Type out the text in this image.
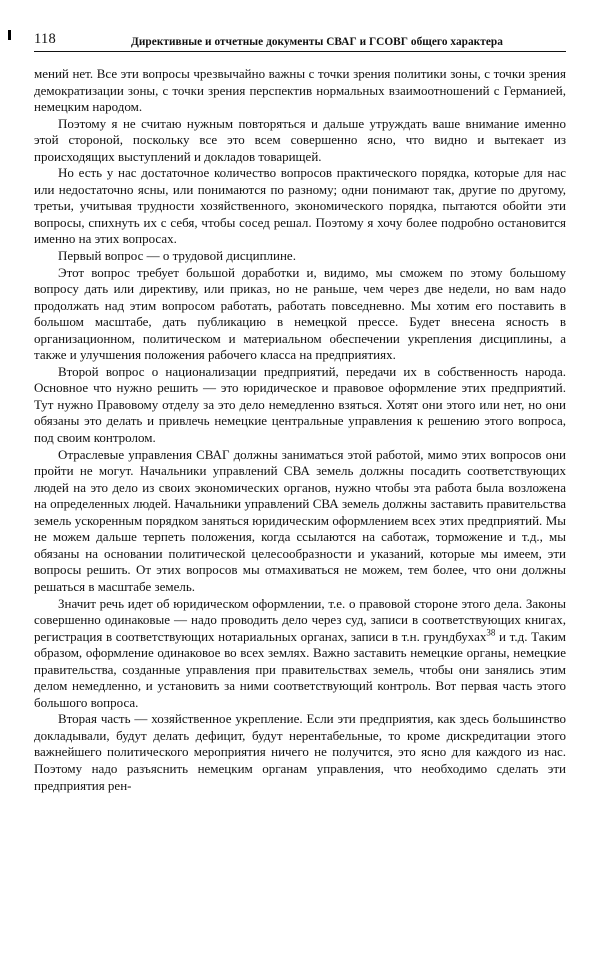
118	Директивные и отчетные документы СВАГ и ГСОВГ общего характера

мений нет. Все эти вопросы чрезвычайно важны с точки зрения политики зоны, с точки зрения демократизации зоны, с точки зрения перспектив нормальных взаимоотношений с Германией, немецким народом.

Поэтому я не считаю нужным повторяться и дальше утруждать ваше внимание именно этой стороной, поскольку все это всем совершенно ясно, что видно и вытекает из происходящих выступлений и докладов товарищей.

Но есть у нас достаточное количество вопросов практического порядка, которые для нас или недостаточно ясны, или понимаются по разному; одни понимают так, другие по другому, третьи, учитывая трудности хозяйственного, экономического порядка, пытаются обойти эти вопросы, спихнуть их с себя, чтобы сосед решал. Поэтому я хочу более подробно остановится именно на этих вопросах.

Первый вопрос — о трудовой дисциплине.

Этот вопрос требует большой доработки и, видимо, мы сможем по этому большому вопросу дать или директиву, или приказ, но не раньше, чем через две недели, но вам надо продолжать над этим вопросом работать, работать повседневно. Мы хотим его поставить в большом масштабе, дать публикацию в немецкой прессе. Будет внесена ясность в организационном, политическом и материальном обеспечении укрепления дисциплины, а также и улучшения положения рабочего класса на предприятиях.

Второй вопрос о национализации предприятий, передачи их в собственность народа. Основное что нужно решить — это юридическое и правовое оформление этих предприятий. Тут нужно Правовому отделу за это дело немедленно взяться. Хотят они этого или нет, но они обязаны это делать и привлечь немецкие центральные управления к решению этого вопроса, под своим контролом.

Отраслевые управления СВАГ должны заниматься этой работой, мимо этих вопросов они пройти не могут. Начальники управлений СВА земель должны посадить соответствующих людей на это дело из своих экономических органов, нужно чтобы эта работа была возложена на определенных людей. Начальники управлений СВА земель должны заставить правительства земель ускоренным порядком заняться юридическим оформлением всех этих предприятий. Мы не можем дальше терпеть положения, когда ссылаются на саботаж, торможение и т.д., мы обязаны на основании политической целесообразности и указаний, которые мы имеем, эти вопросы решить. От этих вопросов мы отмахиваться не можем, тем более, что они должны решаться в масштабе земель.

Значит речь идет об юридическом оформлении, т.е. о правовой стороне этого дела. Законы совершенно одинаковые — надо проводить дело через суд, записи в соответствующих книгах, регистрация в соответствующих нотариальных органах, записи в т.н. грундбухах$^{38}$ и т.д. Таким образом, оформление одинаковое во всех землях. Важно заставить немецкие органы, немецкие правительства, созданные управления при правительствах земель, чтобы они занялись этим делом немедленно, и установить за ними соответствующий контроль. Вот первая часть этого большого вопроса.

Вторая часть — хозяйственное укрепление. Если эти предприятия, как здесь большинство докладывали, будут делать дефицит, будут нерентабельные, то кроме дискредитации этого важнейшего политического мероприятия ничего не получится, это ясно для каждого из нас. Поэтому надо разъяснить немецким органам управления, что необходимо сделать эти предприятия рен-
